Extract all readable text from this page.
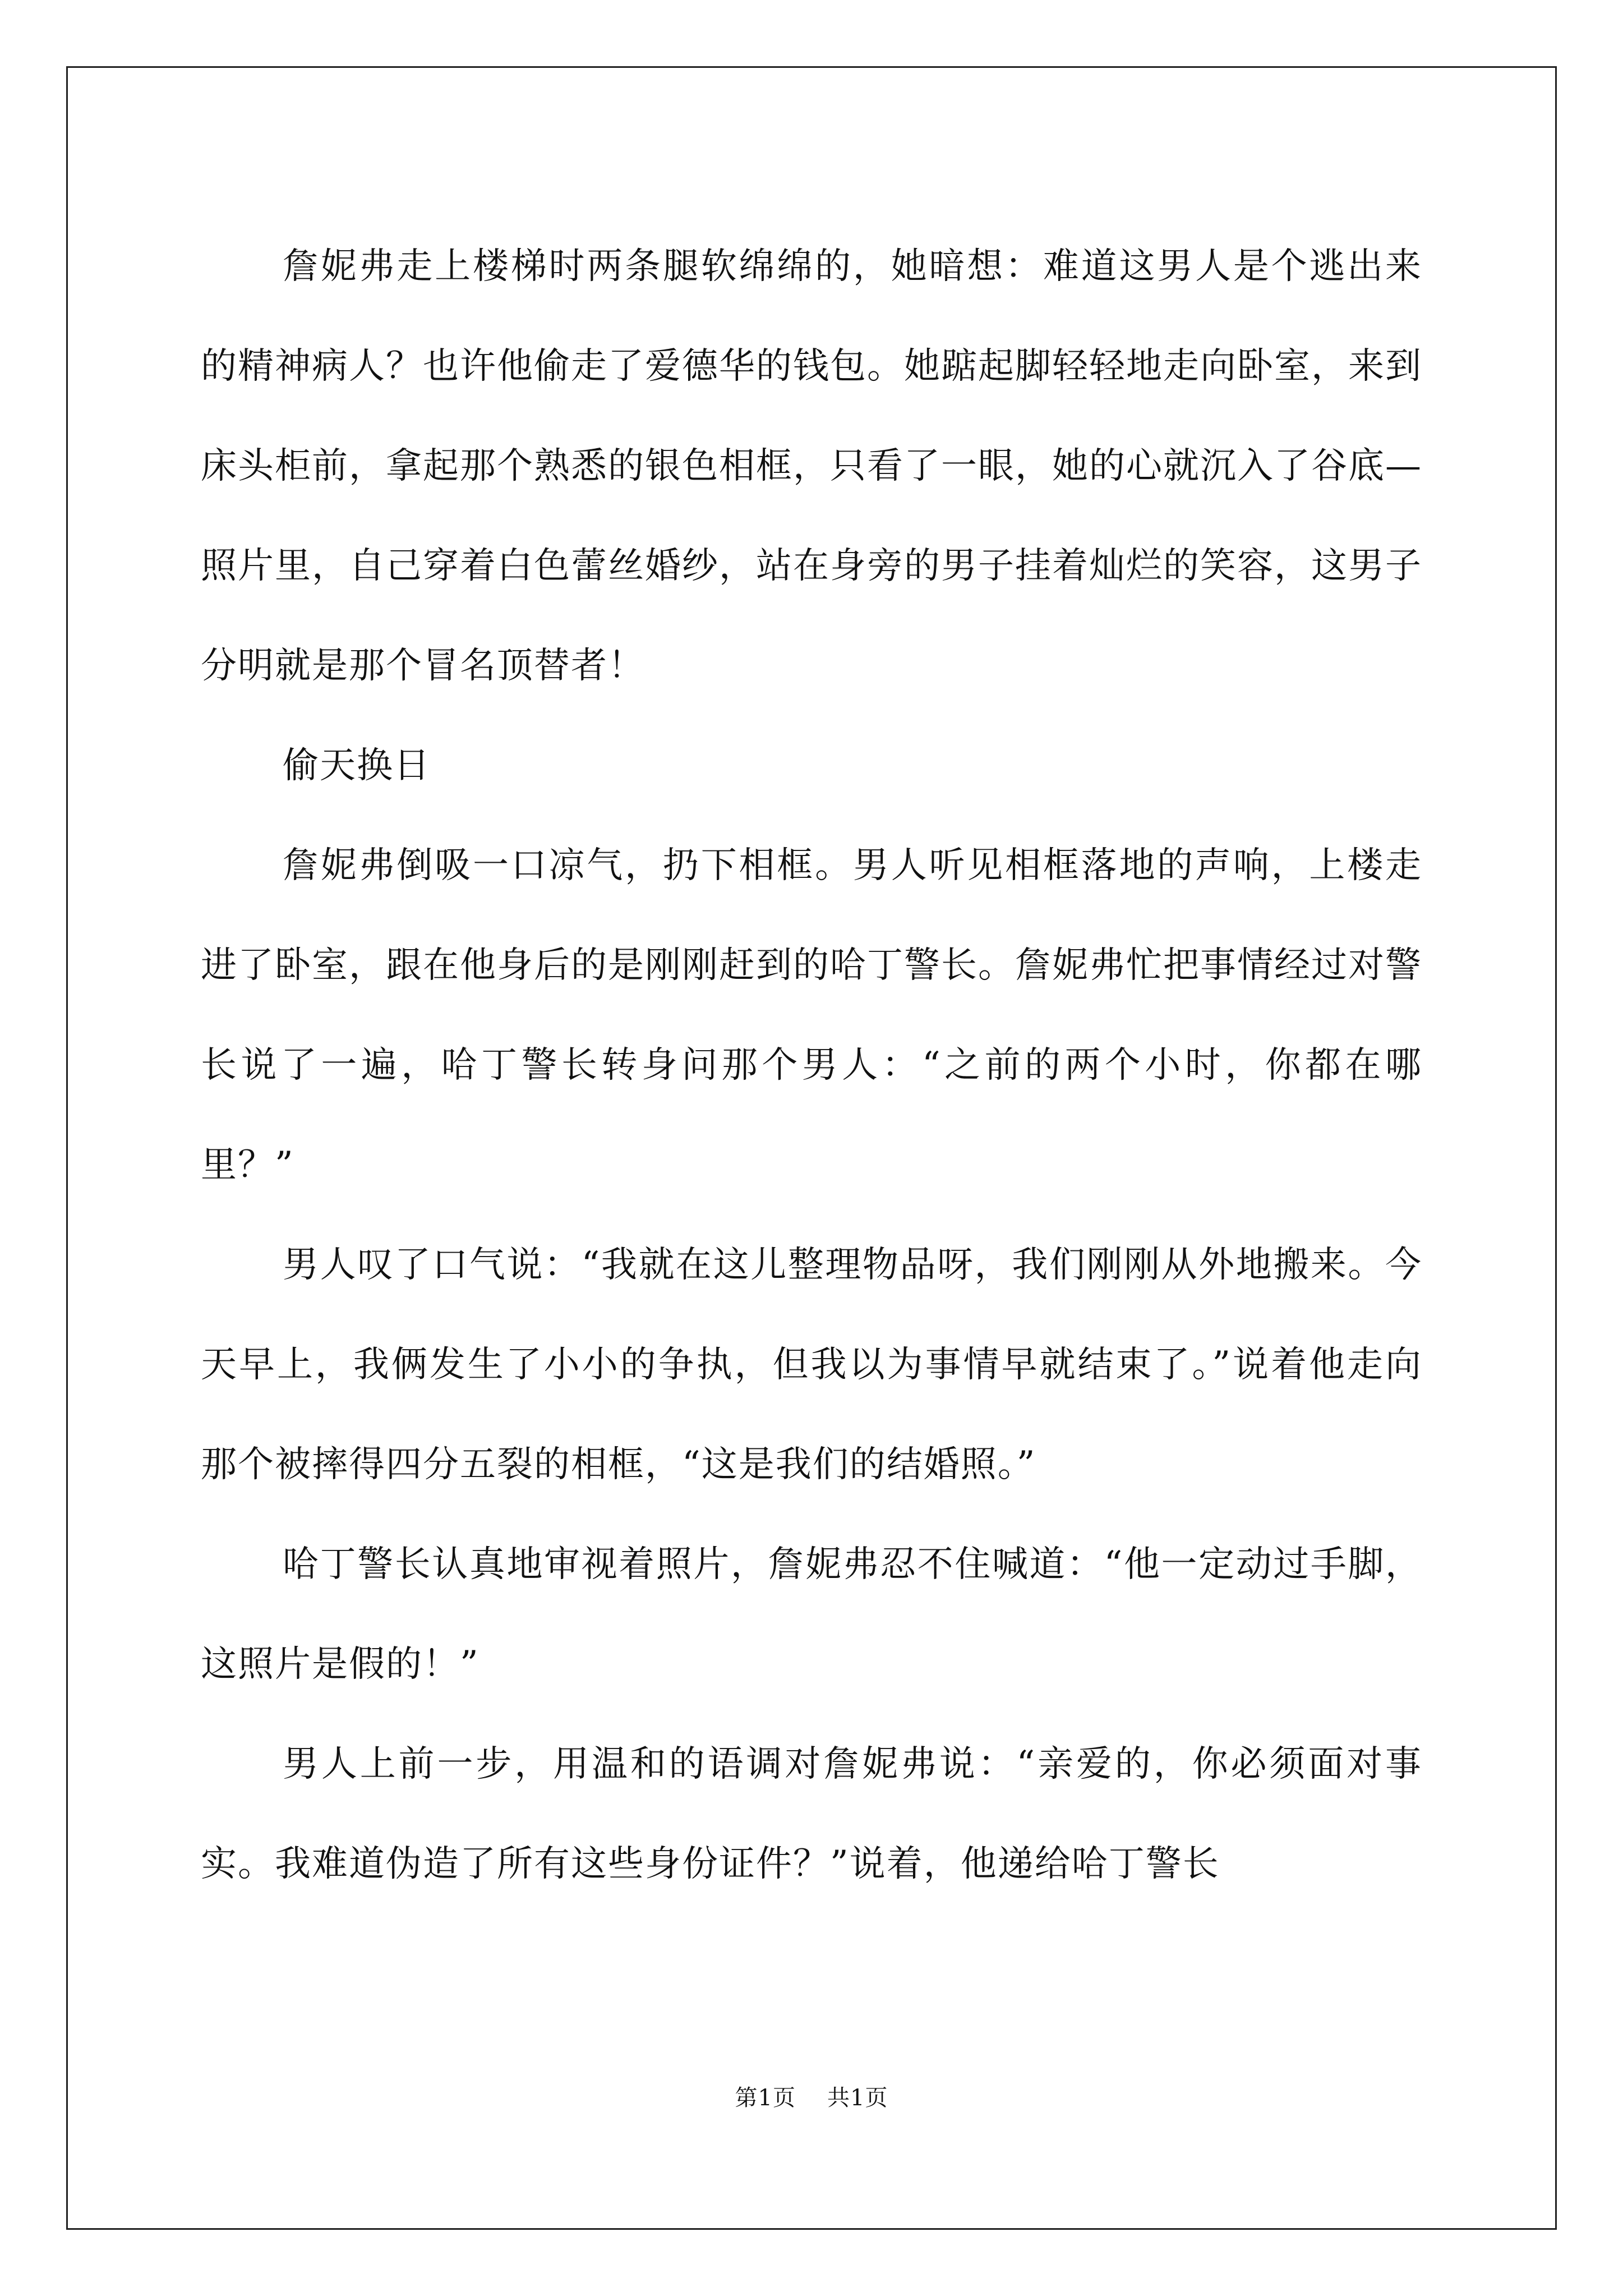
詹妮弗走上楼梯时两条腿软绵绵的，她暗想：难道这男人是个逃出来的精神病人？也许他偷走了爱德华的钱包。她踮起脚轻轻地走向卧室，来到床头柜前，拿起那个熟悉的银色相框，只看了一眼，她的心就沉入了谷底—照片里，自己穿着白色蕾丝婚纱，站在身旁的男子挂着灿烂的笑容，这男子分明就是那个冒名顶替者！

偷天换日

詹妮弗倒吸一口凉气，扔下相框。男人听见相框落地的声响，上楼走进了卧室，跟在他身后的是刚刚赶到的哈丁警长。詹妮弗忙把事情经过对警长说了一遍，哈丁警长转身问那个男人：“之前的两个小时，你都在哪里？”

男人叹了口气说：“我就在这儿整理物品呀，我们刚刚从外地搬来。今天早上，我俩发生了小小的争执，但我以为事情早就结束了。”说着他走向那个被摔得四分五裂的相框，“这是我们的结婚照。”

哈丁警长认真地审视着照片，詹妮弗忍不住喊道：“他一定动过手脚，这照片是假的！”

男人上前一步，用温和的语调对詹妮弗说：“亲爱的，你必须面对事实。我难道伪造了所有这些身份证件？”说着，他递给哈丁警长

第1页 共1页
